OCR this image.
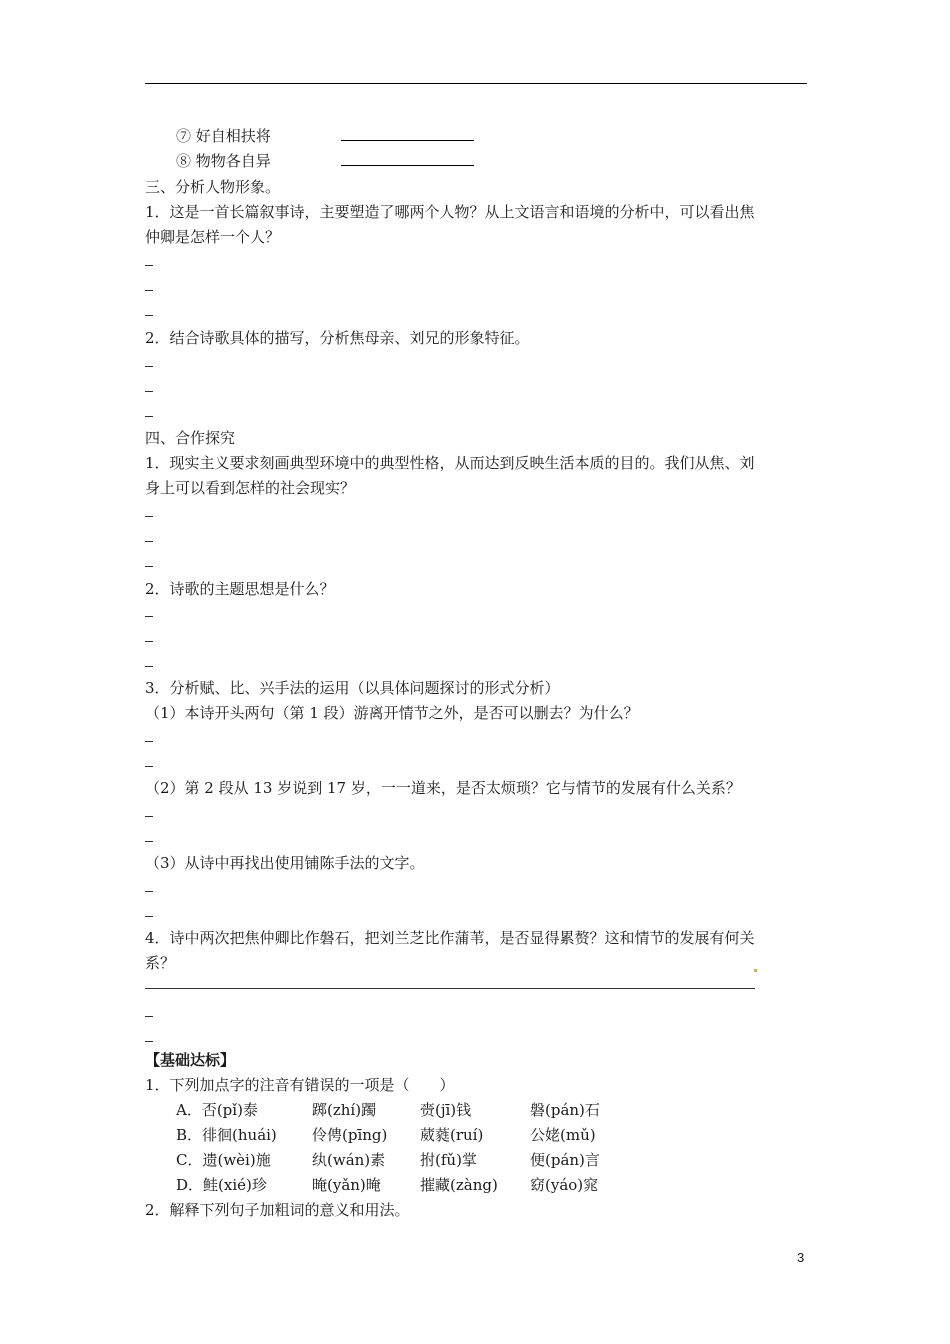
⑦ 好自相扶将
⑧ 物物各自异
三、分析人物形象。
1．这是一首长篇叙事诗，主要塑造了哪两个人物？从上文语言和语境的分析中，可以看出焦
仲卿是怎样一个人？
2．结合诗歌具体的描写，分析焦母亲、刘兄的形象特征。
四、合作探究
1．现实主义要求刻画典型环境中的典型性格，从而达到反映生活本质的目的。我们从焦、刘
身上可以看到怎样的社会现实？
2．诗歌的主题思想是什么？
3．分析赋、比、兴手法的运用（以具体问题探讨的形式分析）
（1）本诗开头两句（第 1 段）游离开情节之外，是否可以删去？为什么？
（2）第 2 段从 13 岁说到 17 岁，一一道来，是否太烦琐？它与情节的发展有什么关系？
（3）从诗中再找出使用铺陈手法的文字。
4．诗中两次把焦仲卿比作磐石，把刘兰芝比作蒲苇，是否显得累赘？这和情节的发展有何关
系？
【基础达标】
1．下列加点字的注音有错误的一项是（　　）
A．否(pǐ)泰	踯(zhí)躅	赍(jī)钱	磐(pán)石
B．徘徊(huái) 伶俜(pīng) 葳蕤(ruí)	公姥(mǔ)
C．遗(wèi)施	纨(wán)素 拊(fǔ)掌	便(pán)言
D．鲑(xié)珍	晻(yǎn)晻	摧藏(zàng) 窈(yáo)窕
2．解释下列句子加粗词的意义和用法。
3
